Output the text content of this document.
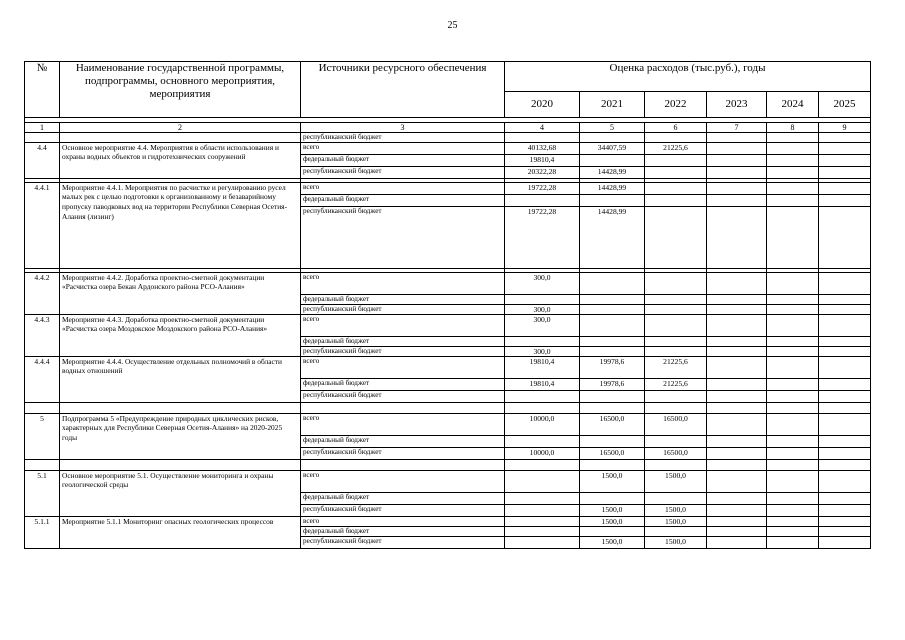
25
№	Наименование государственной программы, подпрограммы, основного мероприятия, мероприятия	Источники ресурсного обеспечения	Оценка расходов (тыс.руб.), годы					
			2020	2021	2022	2023	2024	2025

1	2	3	4	5	6	7	8	9
		республиканский бюджет						
4.4	Основное мероприятие 4.4. Мероприятия в области использования и охраны водных объектов и гидротехнических сооружений	всего	40132,68	34407,59	21225,6			
		федеральный бюджет	19810,4					
		республиканский бюджет	20322,28	14428,99				

4.4.1	Мероприятие 4.4.1. Мероприятия по расчистке и регулированию русел малых рек с целью подготовки к организованному и безаварийному пропуску паводковых вод на территории Республики Северная Осетия-Алания (лизинг)	всего	19722,28	14428,99				
		федеральный бюджет						
		республиканский бюджет	19722,28	14428,99				

4.4.2	Мероприятие 4.4.2. Доработка проектно-сметной документации «Расчистка озера Бекан Ардонского района РСО-Алания»	всего	300,0					
		федеральный бюджет						
		республиканский бюджет	300,0					
4.4.3	Мероприятие 4.4.3. Доработка проектно-сметной документации «Расчистка озера Моздокское Моздокского района РСО-Алания»	всего	300,0					
		федеральный бюджет						
		республиканский бюджет	300,0					
4.4.4	Мероприятие 4.4.4. Осуществление отдельных полномочий в области водных отношений	всего	19810,4	19978,6	21225,6			
		федеральный бюджет	19810,4	19978,6	21225,6			
		республиканский бюджет						

5	Подпрограмма 5 «Предупреждение природных циклических рисков, характерных для Республики Северная Осетия-Алания» на 2020-2025 годы	всего	10000,0	16500,0	16500,0			
		федеральный бюджет						
		республиканский бюджет	10000,0	16500,0	16500,0			

5.1	Основное мероприятие 5.1. Осуществление мониторинга и охраны геологической среды	всего		1500,0	1500,0			
		федеральный бюджет						
		республиканский бюджет		1500,0	1500,0			
5.1.1	Мероприятие 5.1.1 Мониторинг опасных геологических процессов	всего		1500,0	1500,0			
		федеральный бюджет						
		республиканский бюджет		1500,0	1500,0			
